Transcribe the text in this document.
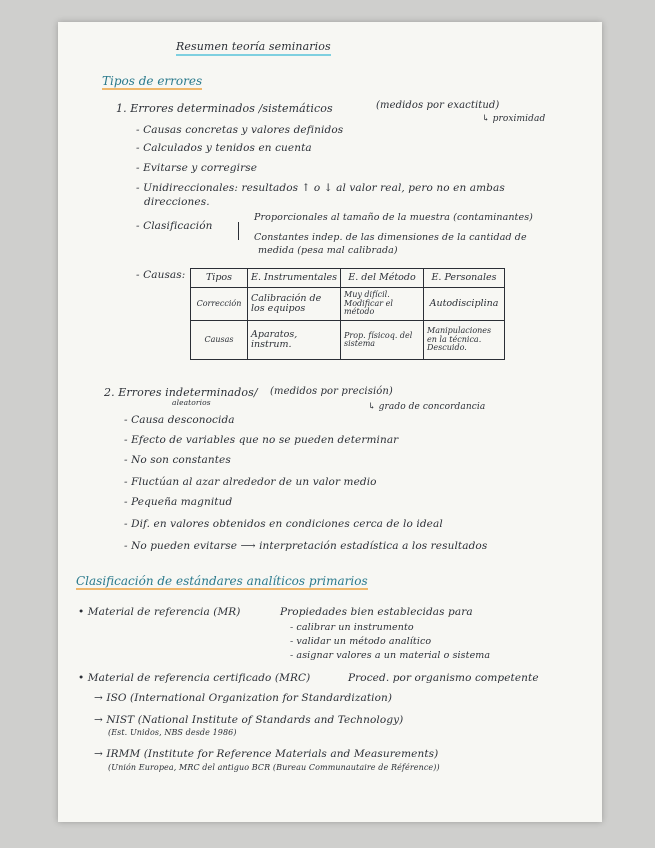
Resumen teoría seminarios
Tipos de errores
1. Errores determinados /sistemáticos	(medidos por exactitud)
↳ proximidad
- Causas concretas y valores definidos
- Calculados y tenidos en cuenta
- Evitarse y corregirse
- Unidireccionales: resultados ↑ o ↓ al valor real, pero no en ambas
direcciones.
- Clasificación
Proporcionales al tamaño de la muestra (contaminantes)
Constantes indep. de las dimensiones de la cantidad de
medida (pesa mal calibrada)
- Causas: Tipos	E. Instrumentales	E. del Método	E. Personales
Corrección	Calibración de los equipos	Muy difícil. Modificar el método	Autodisciplina
Causas	Aparatos, instrum.	Prop. físicoq. del sistema	Manipulaciones en la técnica. Descuido.
2. Errores indeterminados/
aleatorios
(medidos por precisión)
↳ grado de concordancia
- Causa desconocida
- Efecto de variables que no se pueden determinar
- No son constantes
- Fluctúan al azar alrededor de un valor medio
- Pequeña magnitud
- Dif. en valores obtenidos en condiciones cerca de lo ideal
- No pueden evitarse ⟶ interpretación estadística a los resultados
Clasificación de estándares analíticos primarios
• Material de referencia (MR)	Propiedades bien establecidas para
- calibrar un instrumento
- validar un método analítico
- asignar valores a un material o sistema
• Material de referencia certificado (MRC)	Proced. por organismo competente
→ ISO (International Organization for Standardization)
→ NIST (National Institute of Standards and Technology)
(Est. Unidos, NBS desde 1986)
→ IRMM (Institute for Reference Materials and Measurements)
(Unión Europea, MRC del antiguo BCR (Bureau Communautaire de Référence))
